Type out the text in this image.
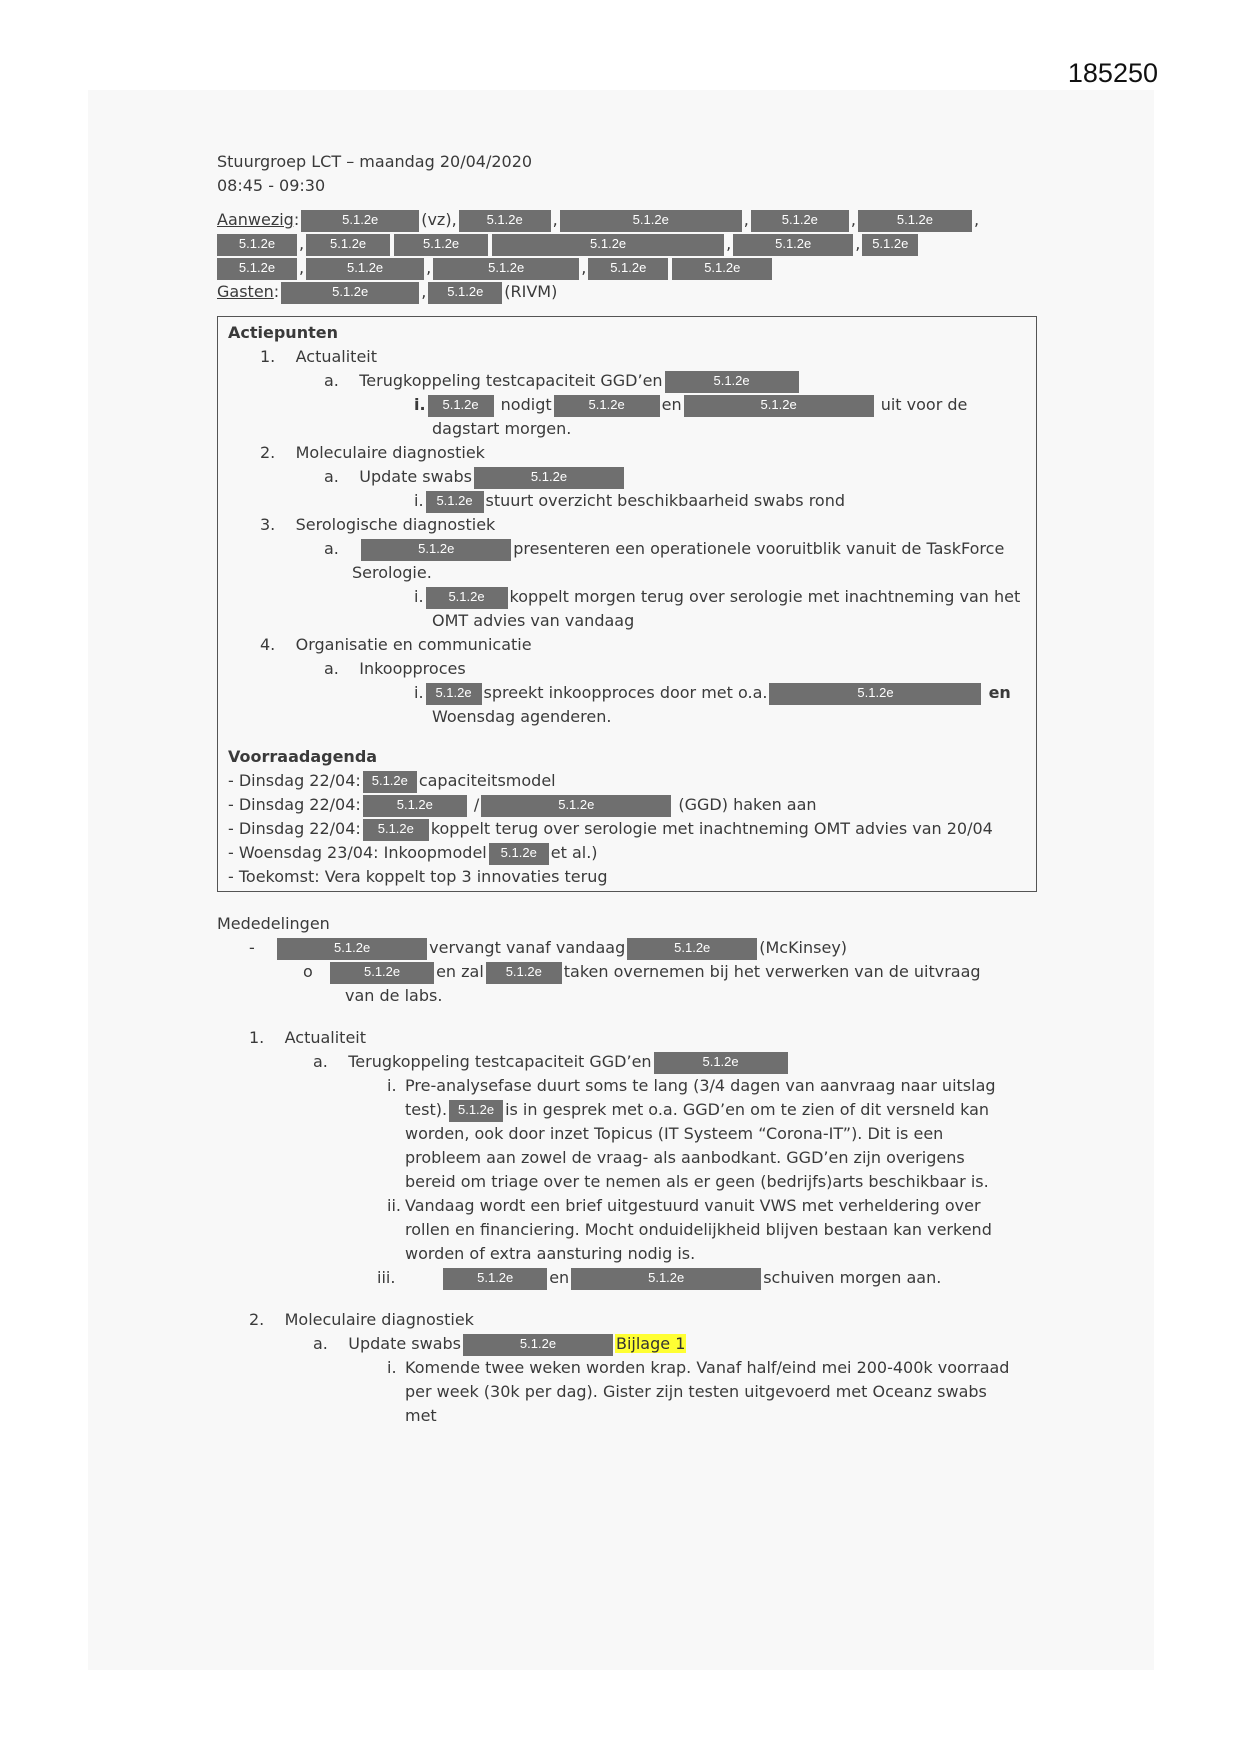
185250
Stuurgroep LCT – maandag 20/04/2020
08:45 - 09:30
Aanwezig:	5.1.2e	(vz), 5.1.2e ,	5.1.2e	,	5.1.2e ,	5.1.2e	,
5.1.2e , 5.1.2e	5.1.2e	5.1.2e	,	5.1.2e	, 5.1.2e
5.1.2e ,	5.1.2e	,	5.1.2e	, 5.1.2e	5.1.2e
Gasten:	5.1.2e	, 5.1.2e (RIVM)
Actiepunten
1. Actualiteit
a. Terugkoppeling testcapaciteit GGD’en	5.1.2e
i. 5.1.2e nodigt	5.1.2e en	5.1.2e	uit voor de
dagstart morgen.
2. Moleculaire diagnostiek
a. Update swabs	5.1.2e
i. 5.1.2e stuurt overzicht beschikbaarheid swabs rond
3. Serologische diagnostiek
a.	5.1.2e	presenteren een operationele vooruitblik vanuit de TaskForce
Serologie.
i. 5.1.2e koppelt morgen terug over serologie met inachtneming van het
OMT advies van vandaag
4. Organisatie en communicatie
a. Inkoopproces
i. 5.1.2e spreekt inkoopproces door met o.a.	5.1.2e	en
Woensdag agenderen.
Voorraadagenda
- Dinsdag 22/04: 5.1.2e capaciteitsmodel
- Dinsdag 22/04:	5.1.2e	/	5.1.2e	(GGD) haken aan
- Dinsdag 22/04: 5.1.2e koppelt terug over serologie met inachtneming OMT advies van 20/04
- Woensdag 23/04: Inkoopmodel 5.1.2e et al.)
- Toekomst: Vera koppelt top 3 innovaties terug
Mededelingen
-	5.1.2e	vervangt vanaf vandaag	5.1.2e	(McKinsey)
o	5.1.2e en zal 5.1.2e taken overnemen bij het verwerken van de uitvraag
van de labs.
1. Actualiteit
a. Terugkoppeling testcapaciteit GGD’en	5.1.2e
i. Pre-analysefase duurt soms te lang (3/4 dagen van aanvraag naar uitslag test). 5.1.2e is in gesprek met o.a. GGD’en om te zien of dit versneld kan worden, ook door inzet Topicus (IT Systeem “Corona-IT”). Dit is een probleem aan zowel de vraag- als aanbodkant. GGD’en zijn overigens bereid om triage over te nemen als er geen (bedrijfs)arts beschikbaar is.
ii. Vandaag wordt een brief uitgestuurd vanuit VWS met verheldering over rollen en financiering. Mocht onduidelijkheid blijven bestaan kan verkend worden of extra aansturing nodig is.
iii.	5.1.2e en	5.1.2e	schuiven morgen aan.
2. Moleculaire diagnostiek
a. Update swabs	5.1.2e	Bijlage 1
i. Komende twee weken worden krap. Vanaf half/eind mei 200-400k voorraad per week (30k per dag). Gister zijn testen uitgevoerd met Oceanz swabs met
